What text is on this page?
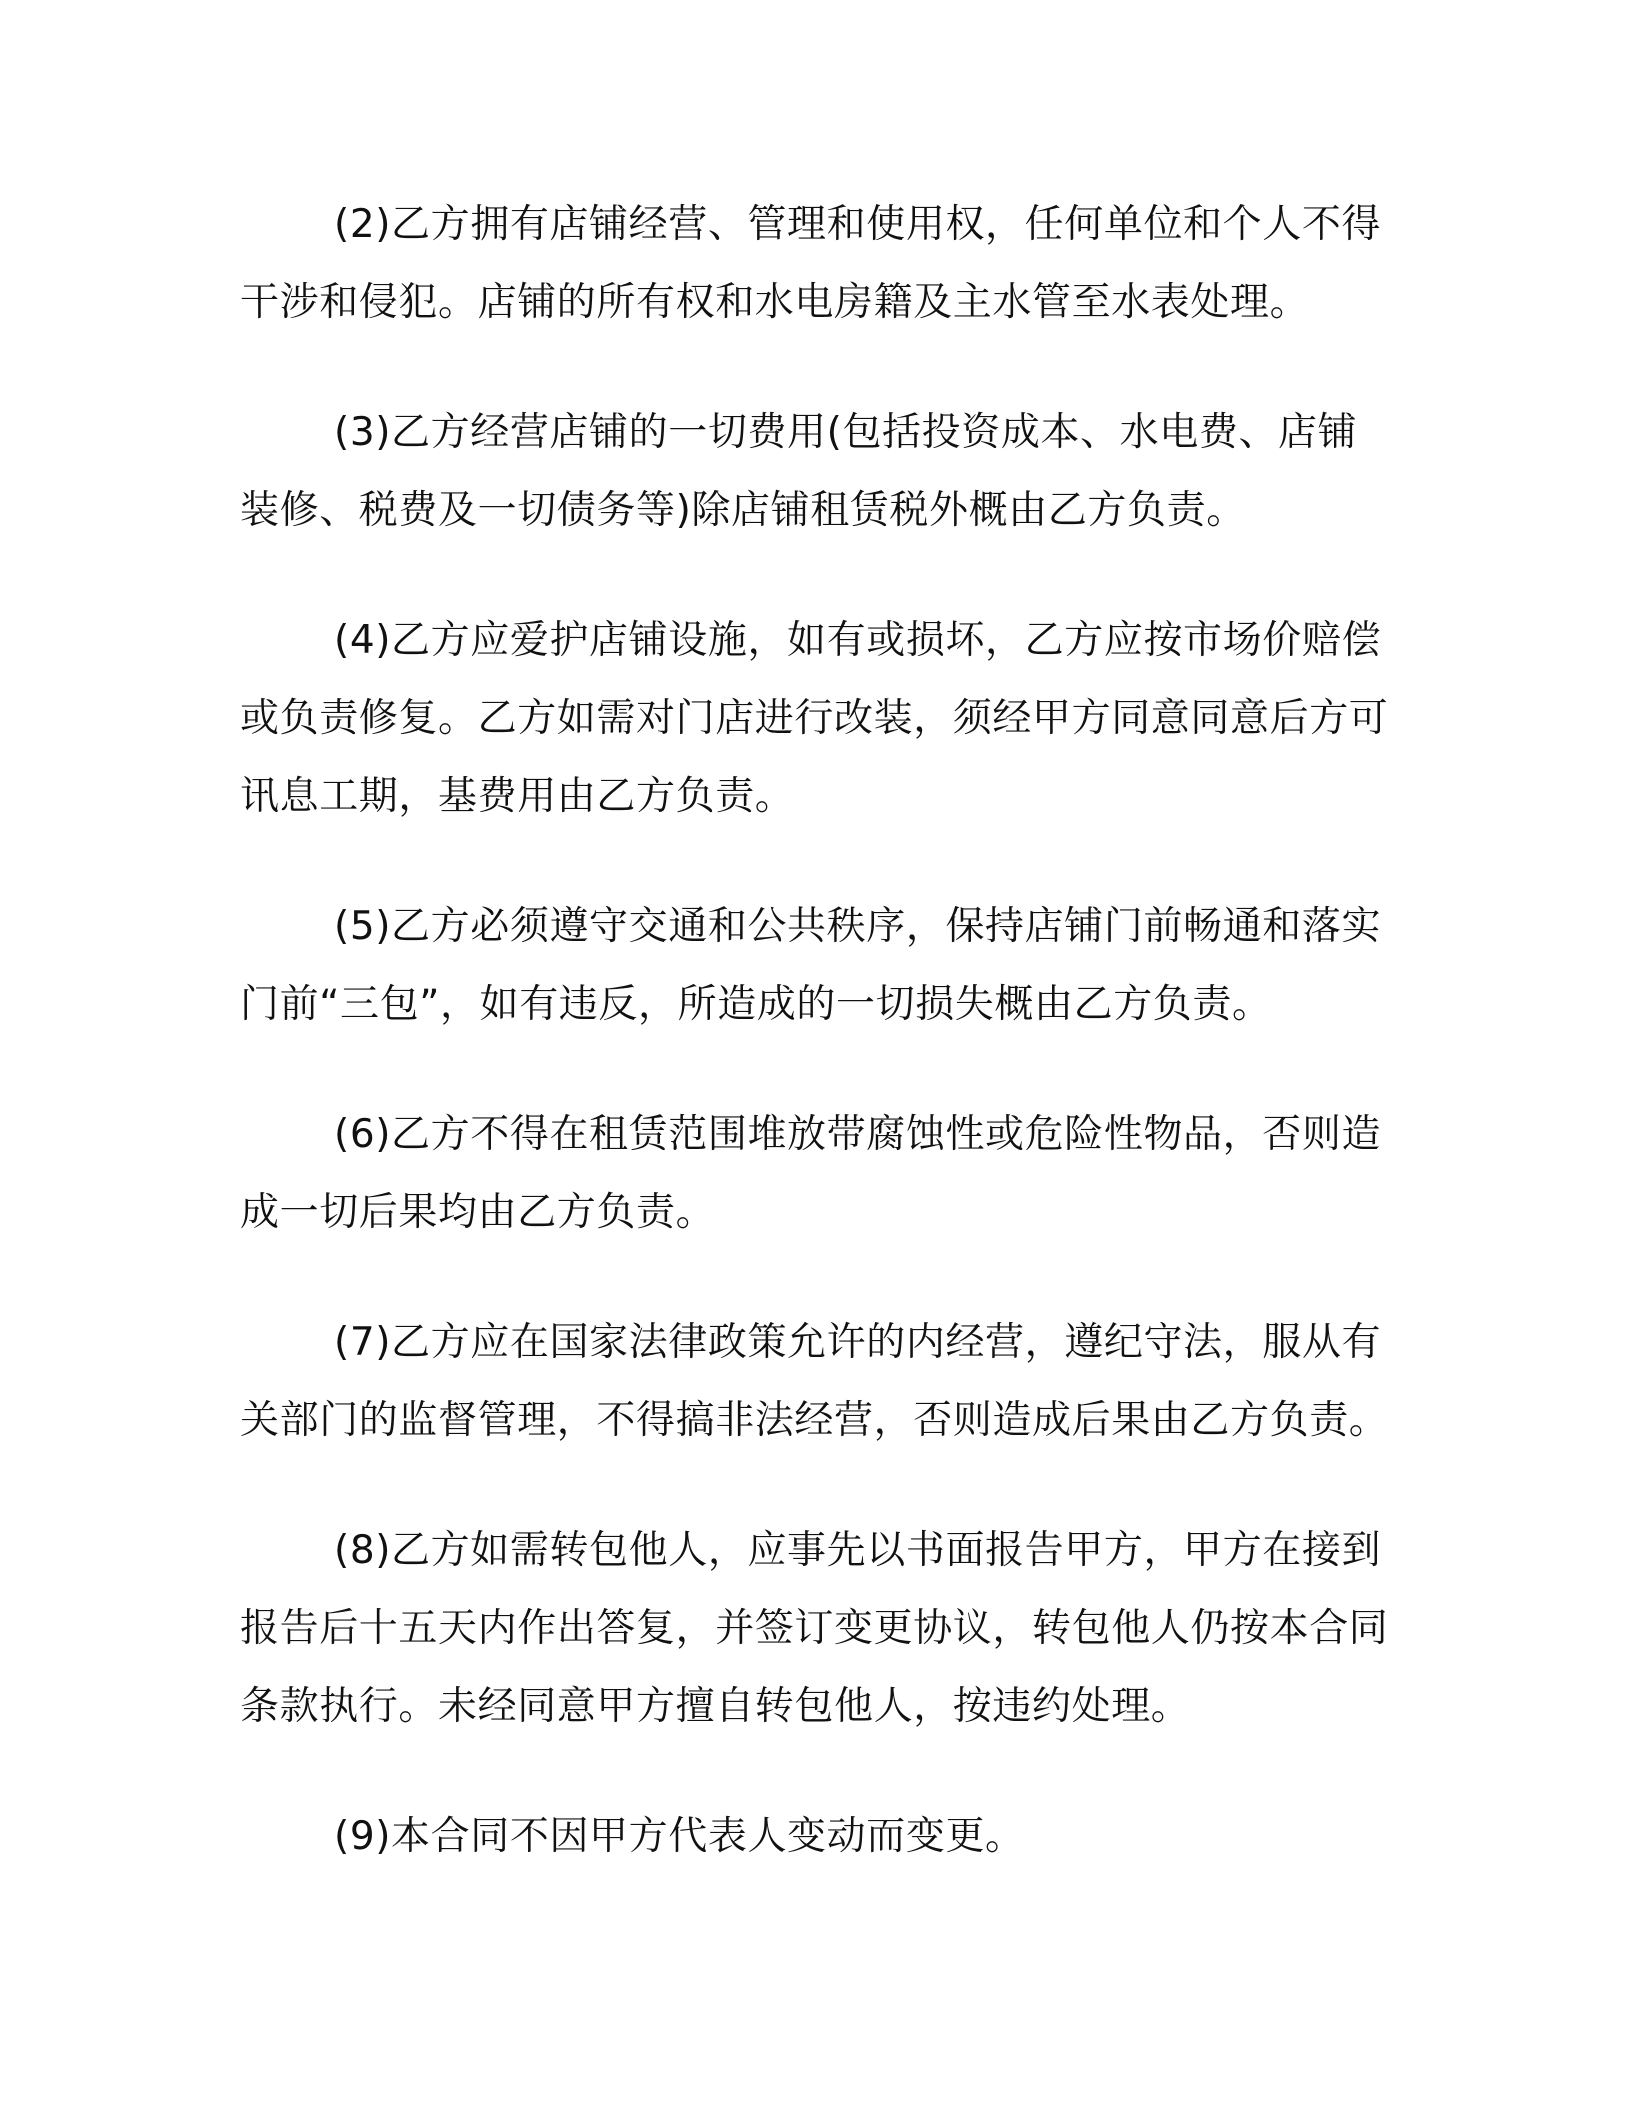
(2)乙方拥有店铺经营、管理和使用权，任何单位和个人不得干涉和侵犯。店铺的所有权和水电房籍及主水管至水表处理。

(3)乙方经营店铺的一切费用(包括投资成本、水电费、店铺装修、税费及一切债务等)除店铺租赁税外概由乙方负责。

(4)乙方应爱护店铺设施，如有或损坏，乙方应按市场价赔偿或负责修复。乙方如需对门店进行改装，须经甲方同意同意后方可讯息工期，基费用由乙方负责。

(5)乙方必须遵守交通和公共秩序，保持店铺门前畅通和落实门前“三包”，如有违反，所造成的一切损失概由乙方负责。

(6)乙方不得在租赁范围堆放带腐蚀性或危险性物品，否则造成一切后果均由乙方负责。

(7)乙方应在国家法律政策允许的内经营，遵纪守法，服从有关部门的监督管理，不得搞非法经营，否则造成后果由乙方负责。

(8)乙方如需转包他人，应事先以书面报告甲方，甲方在接到报告后十五天内作出答复，并签订变更协议，转包他人仍按本合同条款执行。未经同意甲方擅自转包他人，按违约处理。

(9)本合同不因甲方代表人变动而变更。
